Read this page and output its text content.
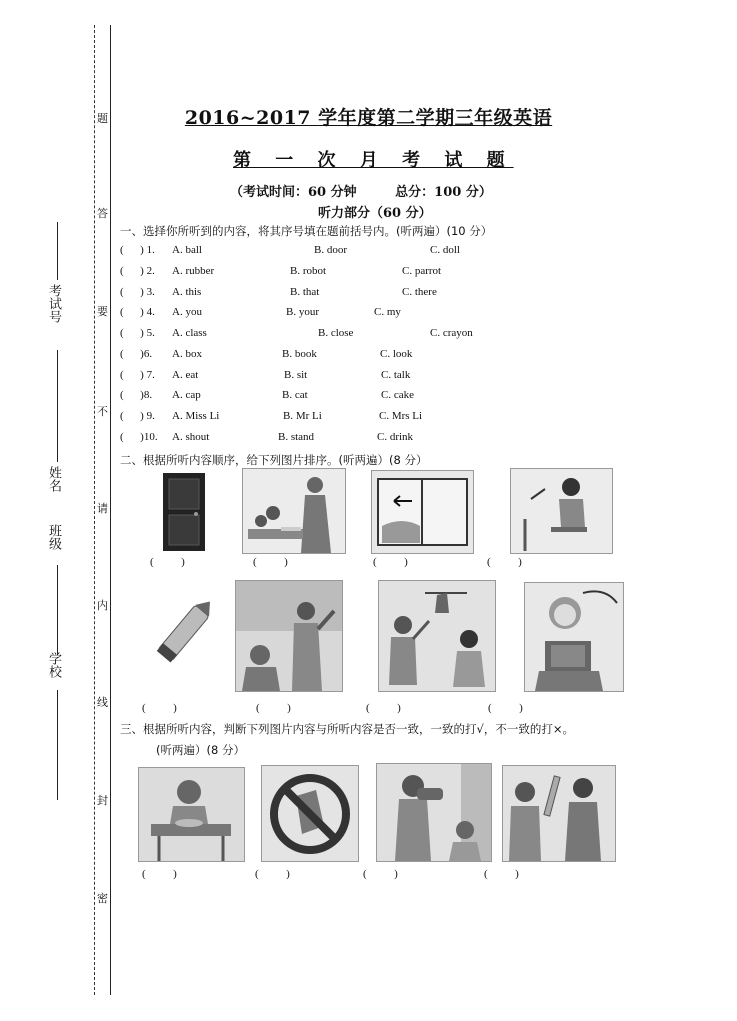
题
答
要
不
请
内
线
封
密
考试号
姓名
班级
学校
2016~2017 学年度第二学期三年级英语
第 一 次 月 考 试 题
（考试时间：60 分钟	总分：100 分）
听力部分（60 分）
一、选择你所听到的内容，将其序号填在题前括号内。(听两遍）(10 分）
(      ) 1. A. ball	B. door	C. doll
(      ) 2. A. rubber	B. robot	C. parrot
(      ) 3. A. this	B. that	C. there
(      ) 4. A. you	B. your	C. my
(      ) 5. A. class	B. close	C. crayon
(      )6. A. box	B. book	C. look
(      ) 7. A. eat	B. sit	C. talk
(      )8. A. cap	B. cat	C. cake
(      ) 9. A. Miss Li	B. Mr Li	C. Mrs Li
(      )10. A. shout	B. stand	C. drink
二、根据所听内容顺序，给下列图片排序。(听两遍）(8 分）
(          )	(          )	(          )	(          )
(          )	(          )	(          )	(          )
三、根据所听内容，判断下列图片内容与所听内容是否一致，一致的打√，不一致的打×。
(听两遍）(8 分）
(          )	(          )	(          )	(          )
